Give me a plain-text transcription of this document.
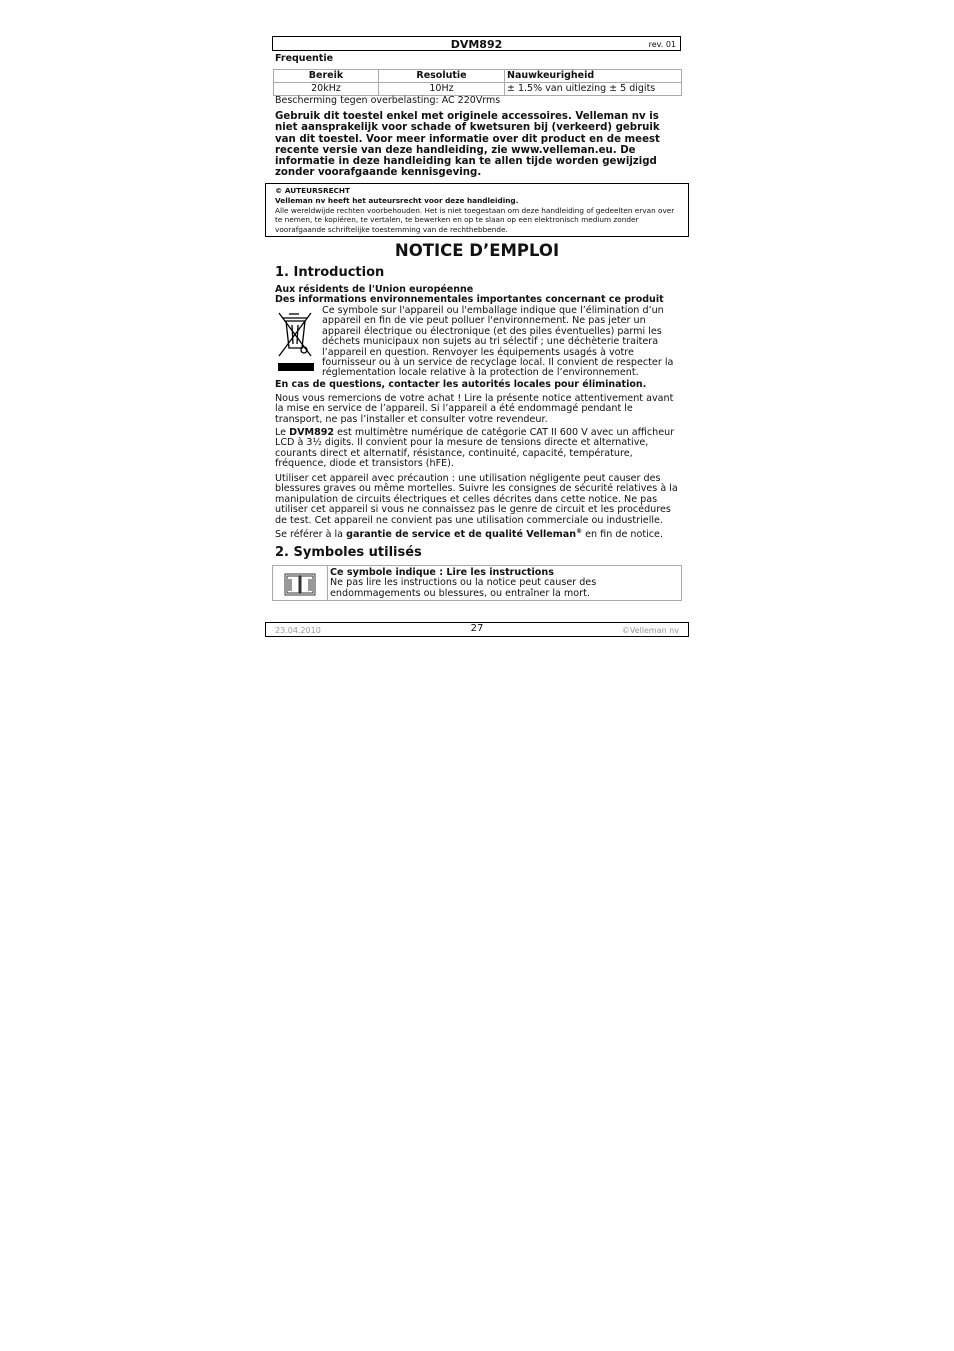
DVM892	rev. 01
Frequentie
Bereik	Resolutie	Nauwkeurigheid
20kHz	10Hz	± 1.5% van uitlezing ± 5 digits
Bescherming tegen overbelasting: AC 220Vrms
Gebruik dit toestel enkel met originele accessoires. Velleman nv is niet aansprakelijk voor schade of kwetsuren bij (verkeerd) gebruik van dit toestel. Voor meer informatie over dit product en de meest recente versie van deze handleiding, zie www.velleman.eu. De informatie in deze handleiding kan te allen tijde worden gewijzigd zonder voorafgaande kennisgeving.
© AUTEURSRECHT
Velleman nv heeft het auteursrecht voor deze handleiding.
Alle wereldwijde rechten voorbehouden. Het is niet toegestaan om deze handleiding of gedeelten ervan over te nemen, te kopiëren, te vertalen, te bewerken en op te slaan op een elektronisch medium zonder voorafgaande schriftelijke toestemming van de rechthebbende.
NOTICE D’EMPLOI
1. Introduction
Aux résidents de l'Union européenne
Des informations environnementales importantes concernant ce produit
Ce symbole sur l'appareil ou l'emballage indique que l’élimination d’un appareil en fin de vie peut polluer l'environnement. Ne pas jeter un appareil électrique ou électronique (et des piles éventuelles) parmi les déchets municipaux non sujets au tri sélectif ; une déchèterie traitera l’appareil en question. Renvoyer les équipements usagés à votre fournisseur ou à un service de recyclage local. Il convient de respecter la réglementation locale relative à la protection de l’environnement.
En cas de questions, contacter les autorités locales pour élimination.
Nous vous remercions de votre achat ! Lire la présente notice attentivement avant la mise en service de l’appareil. Si l’appareil a été endommagé pendant le transport, ne pas l’installer et consulter votre revendeur.
Le DVM892 est multimètre numérique de catégorie CAT II 600 V avec un afficheur LCD à 3½ digits. Il convient pour la mesure de tensions directe et alternative, courants direct et alternatif, résistance, continuité, capacité, température, fréquence, diode et transistors (hFE).
Utiliser cet appareil avec précaution : une utilisation négligente peut causer des blessures graves ou même mortelles. Suivre les consignes de sécurité relatives à la manipulation de circuits électriques et celles décrites dans cette notice. Ne pas utiliser cet appareil si vous ne connaissez pas le genre de circuit et les procédures de test. Cet appareil ne convient pas une utilisation commerciale ou industrielle.
Se référer à la garantie de service et de qualité Velleman® en fin de notice.
2. Symboles utilisés
Ce symbole indique : Lire les instructions
Ne pas lire les instructions ou la notice peut causer des endommagements ou blessures, ou entraîner la mort.
23.04.2010	27	©Velleman nv
